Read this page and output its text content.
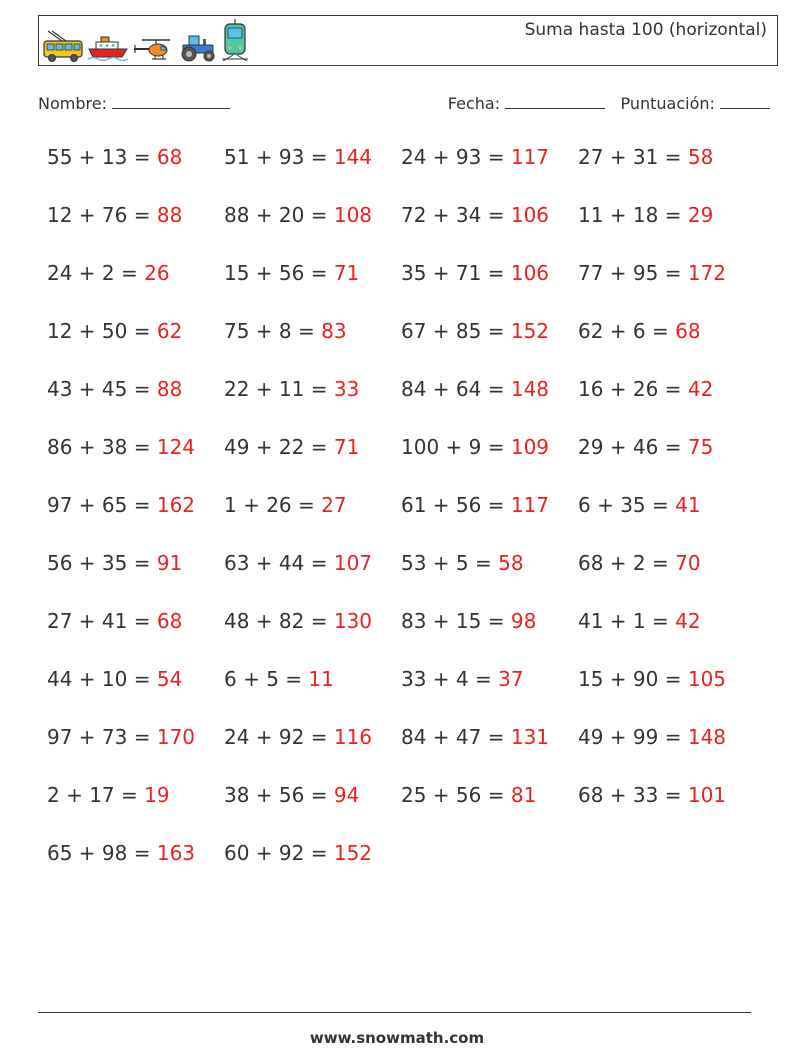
Suma hasta 100 (horizontal)
Nombre:	Fecha:	Puntuación:
55 + 13 = 68 51 + 93 = 144 24 + 93 = 117 27 + 31 = 58
12 + 76 = 88 88 + 20 = 108 72 + 34 = 106 11 + 18 = 29
24 + 2 = 26	15 + 56 = 71 35 + 71 = 106 77 + 95 = 172
12 + 50 = 62 75 + 8 = 83	67 + 85 = 152 62 + 6 = 68
43 + 45 = 88 22 + 11 = 33 84 + 64 = 148 16 + 26 = 42
86 + 38 = 124 49 + 22 = 71 100 + 9 = 109 29 + 46 = 75
97 + 65 = 162 1 + 26 = 27	61 + 56 = 117 6 + 35 = 41
56 + 35 = 91 63 + 44 = 107 53 + 5 = 58	68 + 2 = 70
27 + 41 = 68 48 + 82 = 130 83 + 15 = 98 41 + 1 = 42
44 + 10 = 54 6 + 5 = 11	33 + 4 = 37	15 + 90 = 105
97 + 73 = 170 24 + 92 = 116 84 + 47 = 131 49 + 99 = 148
2 + 17 = 19	38 + 56 = 94 25 + 56 = 81 68 + 33 = 101
65 + 98 = 163 60 + 92 = 152
www.snowmath.com
